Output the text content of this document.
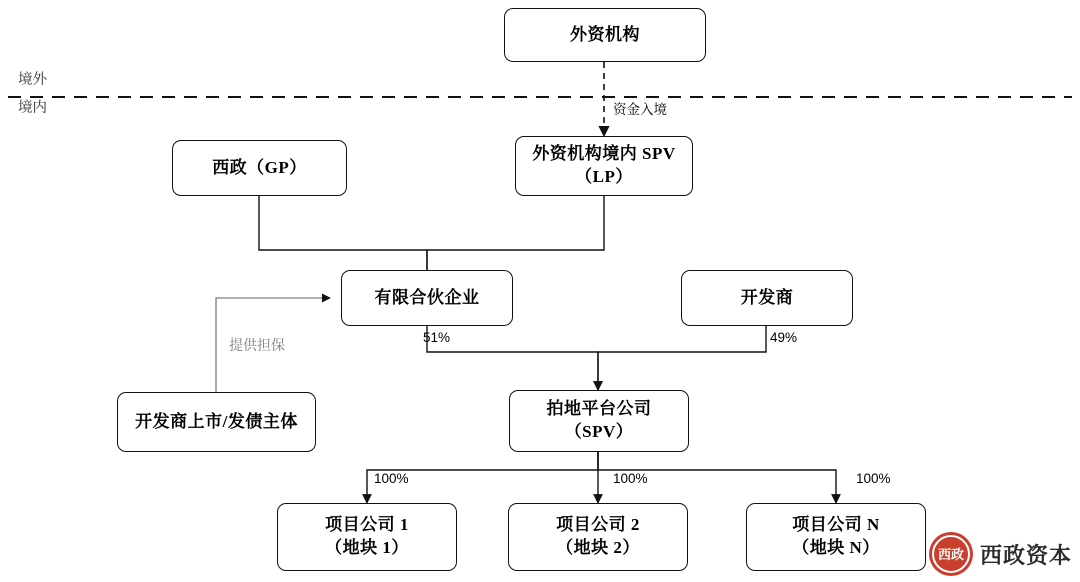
境外
境内
外资机构
外资机构境内 SPV
（LP）
西政（GP）
有限合伙企业	开发商
开发商上市/发债主体
拍地平台公司
（SPV）
项目公司 1
（地块 1）
项目公司 2
（地块 2）
项目公司 N
（地块 N）
资金入境
提供担保	51%	49%
100%	100%	100%
西政 西政资本
